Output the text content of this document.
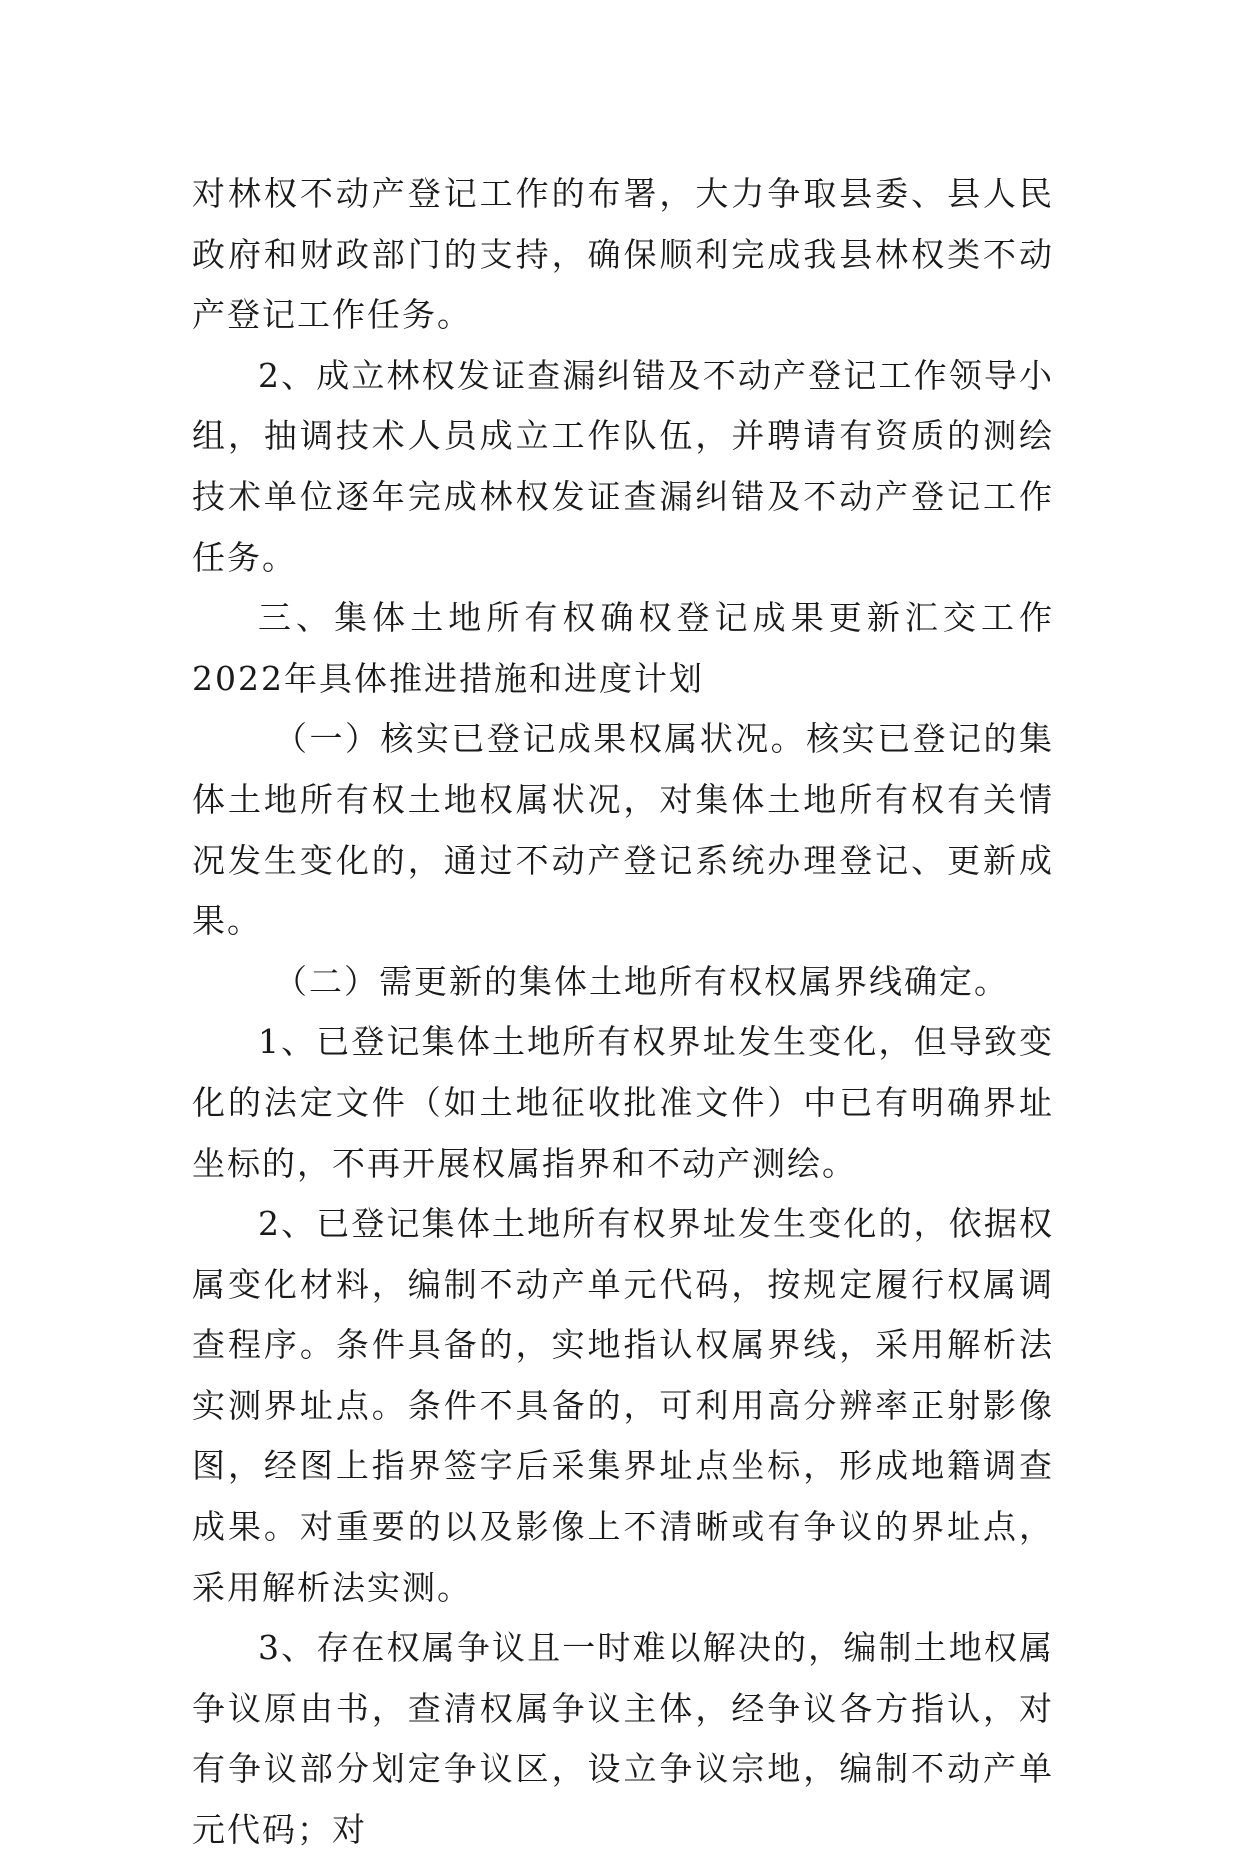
对林权不动产登记工作的布署，大力争取县委、县人民政府和财政部门的支持，确保顺利完成我县林权类不动产登记工作任务。

2、成立林权发证查漏纠错及不动产登记工作领导小组，抽调技术人员成立工作队伍，并聘请有资质的测绘技术单位逐年完成林权发证查漏纠错及不动产登记工作任务。

三、集体土地所有权确权登记成果更新汇交工作2022年具体推进措施和进度计划

（一）核实已登记成果权属状况。核实已登记的集体土地所有权土地权属状况，对集体土地所有权有关情况发生变化的，通过不动产登记系统办理登记、更新成果。

（二）需更新的集体土地所有权权属界线确定。

1、已登记集体土地所有权界址发生变化，但导致变化的法定文件（如土地征收批准文件）中已有明确界址坐标的，不再开展权属指界和不动产测绘。

2、已登记集体土地所有权界址发生变化的，依据权属变化材料，编制不动产单元代码，按规定履行权属调查程序。条件具备的，实地指认权属界线，采用解析法实测界址点。条件不具备的，可利用高分辨率正射影像图，经图上指界签字后采集界址点坐标，形成地籍调查成果。对重要的以及影像上不清晰或有争议的界址点，采用解析法实测。

3、存在权属争议且一时难以解决的，编制土地权属争议原由书，查清权属争议主体，经争议各方指认，对有争议部分划定争议区，设立争议宗地，编制不动产单元代码；对
